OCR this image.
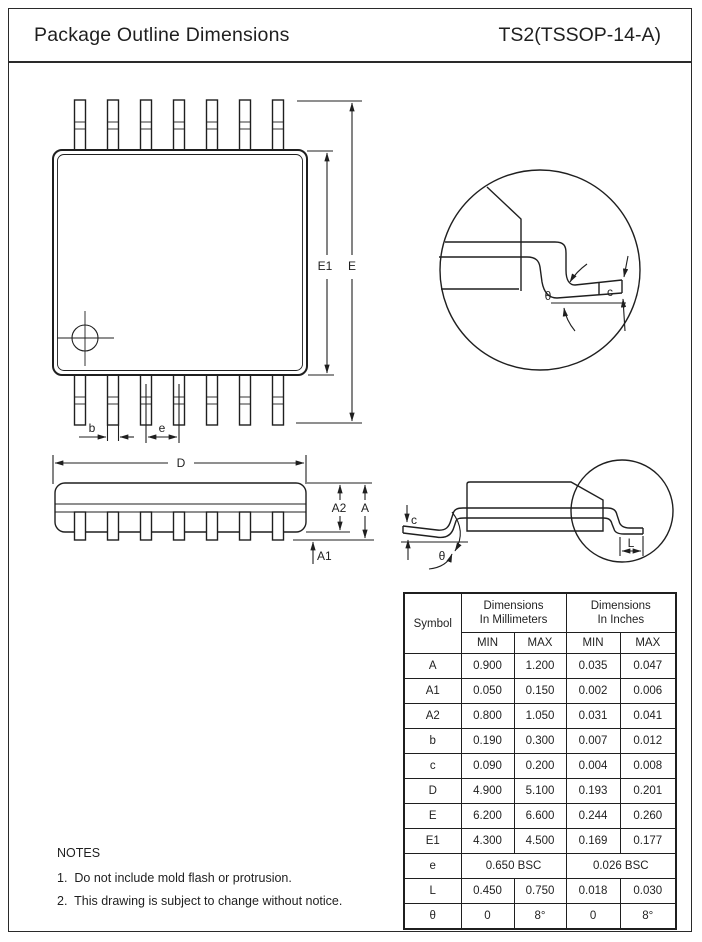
Package Outline Dimensions	TS2(TSSOP-14-A)
b	e
E1 E
c
θ
D
A2 A
A1
c
θ
L
Symbol	
Dimensions
In Millimeters

Dimensions
In Inches

	MIN	MAX	MIN	MAX
A	0.900	1.200	0.035	0.047
A1	0.050	0.150	0.002	0.006
A2	0.800	1.050	0.031	0.041
b	0.190	0.300	0.007	0.012
c	0.090	0.200	0.004	0.008
D	4.900	5.100	0.193	0.201
E	6.200	6.600	0.244	0.260
E1	4.300	4.500	0.169	0.177
e	0.650 BSC		0.026 BSC	
L	0.450	0.750	0.018	0.030
θ	0	8°	0	8°
NOTES
1.  Do not include mold flash or protrusion.
2.  This drawing is subject to change without notice.
